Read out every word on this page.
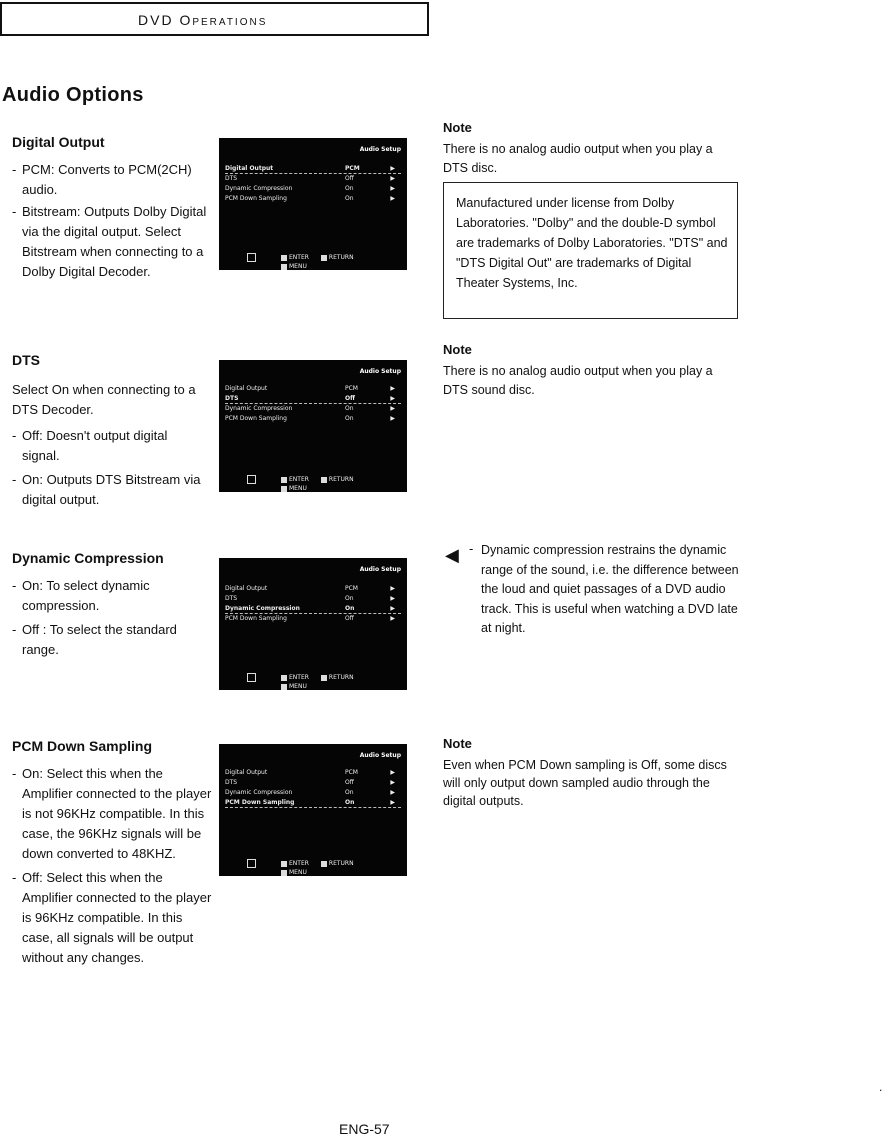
DVD Operations
Audio Options
Digital Output
- PCM: Converts to PCM(2CH) audio.
- Bitstream: Outputs Dolby Digital via the digital output. Select Bitstream when connecting to a Dolby Digital Decoder.
Note
There is no analog audio output when you play a DTS disc.
Manufactured under license from Dolby Laboratories. "Dolby" and the double-D symbol are trademarks of Dolby Laboratories. "DTS" and "DTS Digital Out" are trademarks of Digital Theater Systems, Inc.
DTS
Select On when connecting to a DTS Decoder.
- Off: Doesn't output digital signal.
- On: Outputs DTS Bitstream via digital output.
Note
There is no analog audio output when you play a DTS sound disc.
Dynamic Compression
- On: To select dynamic compression.
- Off : To select the standard range.
◀ Dynamic compression restrains the dynamic range of the sound, i.e. the difference between the loud and quiet passages of a DVD audio track. This is useful when watching a DVD late at night.
-
PCM Down Sampling
- On: Select this when the Amplifier connected to the player is not 96KHz compatible. In this case, the 96KHz signals will be down converted to 48KHZ.
- Off: Select this when the Amplifier connected to the player is 96KHz compatible. In this case, all signals will be output without any changes.
Note
Even when PCM Down sampling is Off, some discs will only output down sampled audio through the digital outputs.
Audio Setup
Digital Output	PCM	▶
DTS	Off	▶
Dynamic Compression	On	▶
PCM Down Sampling	On	▶
ENTER	RETURNMENU
Audio Setup
Digital Output	PCM	▶
DTS	Off	▶
Dynamic Compression	On	▶
PCM Down Sampling	On	▶
ENTER	RETURNMENU
Audio Setup
Digital Output	PCM	▶
DTS	On	▶
Dynamic Compression	On	▶
PCM Down Sampling	Off	▶
ENTER	RETURNMENU
Audio Setup
Digital Output	PCM	▶
DTS	Off	▶
Dynamic Compression	On	▶
PCM Down Sampling	On	▶
ENTER	RETURNMENU
ENG-57
.
